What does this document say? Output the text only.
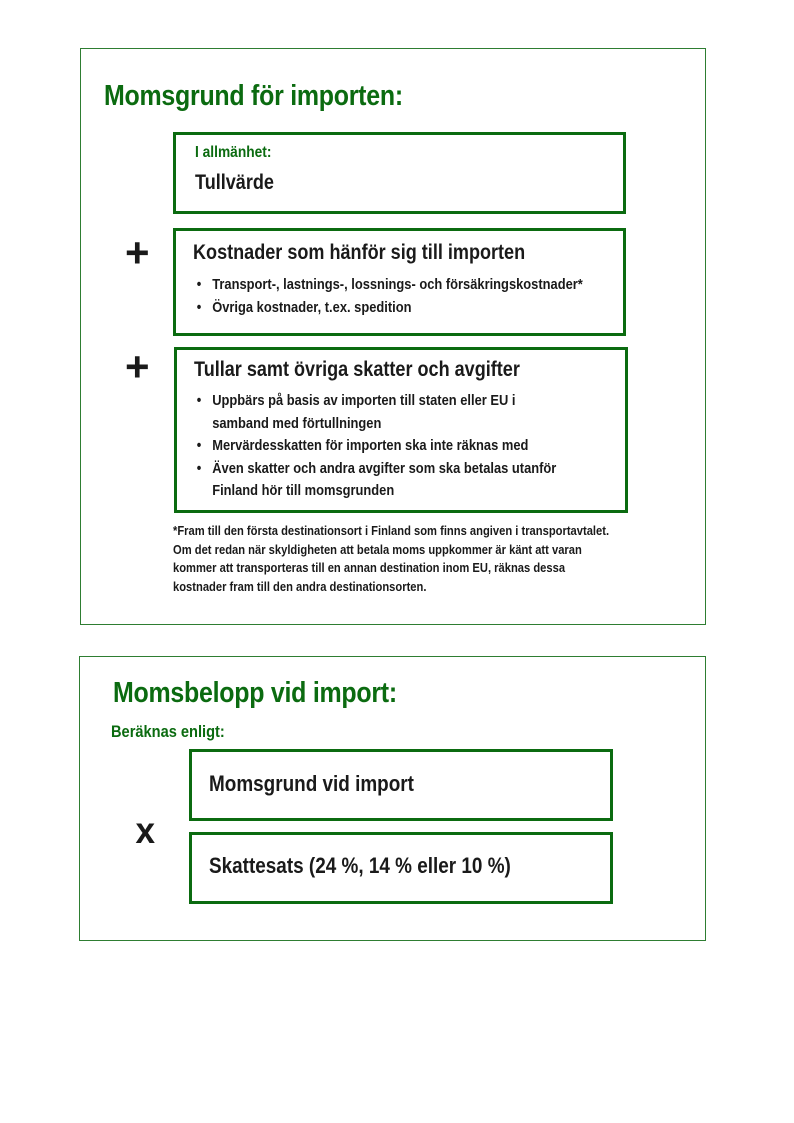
Momsgrund för importen:
I allmänhet:
Tullvärde
+ Kostnader som hänför sig till importen
• Transport-, lastnings-, lossnings- och försäkringskostnader*
• Övriga kostnader, t.ex. spedition
+ Tullar samt övriga skatter och avgifter
• Uppbärs på basis av importen till staten eller EU i
samband med förtullningen
• Mervärdesskatten för importen ska inte räknas med
• Även skatter och andra avgifter som ska betalas utanför
Finland hör till momsgrunden
*Fram till den första destinationsort i Finland som finns angiven i transportavtalet.
Om det redan när skyldigheten att betala moms uppkommer är känt att varan
kommer att transporteras till en annan destination inom EU, räknas dessa
kostnader fram till den andra destinationsorten.
Momsbelopp vid import:
Beräknas enligt:
Momsgrund vid import
x
Skattesats (24 %, 14 % eller 10 %)
